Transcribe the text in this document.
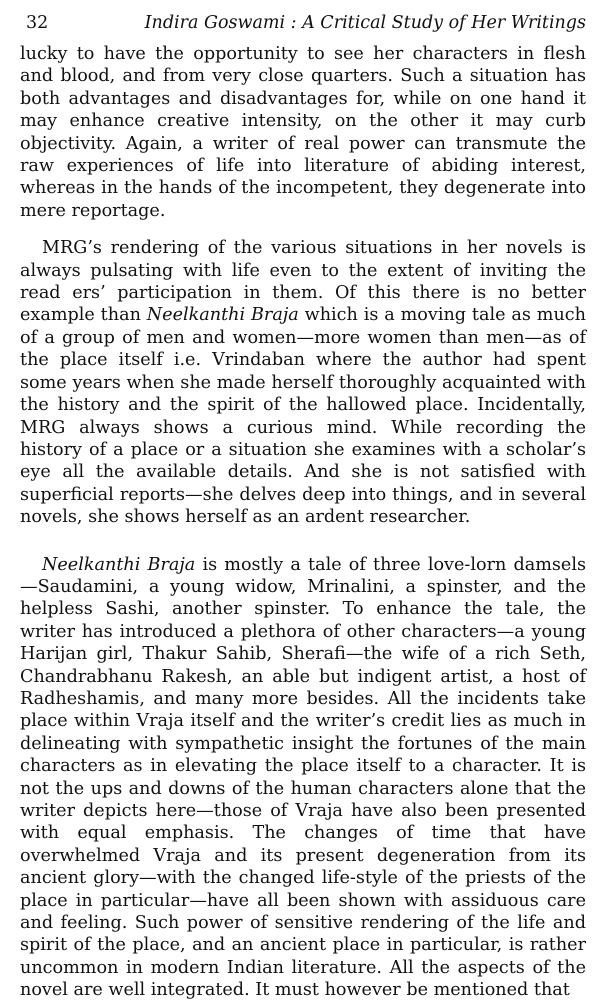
32	Indira Goswami : A Critical Study of Her Writings

lucky to have the opportunity to see her characters in flesh and blood, and from very close quarters. Such a situation has both advantages and disadvantages for, while on one hand it may enhance creative intensity, on the other it may curb objectivity. Again, a writer of real power can transmute the raw experiences of life into literature of abiding interest, whereas in the hands of the incompetent, they degenerate into mere reportage.

MRG’s rendering of the various situations in her novels is always pulsating with life even to the extent of inviting the read ers’ participation in them. Of this there is no better example than Neelkanthi Braja which is a moving tale as much of a group of men and women—more women than men—as of the place itself i.e. Vrindaban where the author had spent some years when she made herself thoroughly acquainted with the history and the spirit of the hallowed place. Incidentally, MRG always shows a curious mind. While recording the history of a place or a situation she examines with a scholar’s eye all the available details. And she is not satisfied with superficial reports—she delves deep into things, and in several novels, she shows herself as an ardent researcher.

Neelkanthi Braja is mostly a tale of three love-lorn damsels—Saudamini, a young widow, Mrinalini, a spinster, and the helpless Sashi, another spinster. To enhance the tale, the writer has introduced a plethora of other characters—a young Harijan girl, Thakur Sahib, Sherafi—the wife of a rich Seth, Chandrabhanu Rakesh, an able but indigent artist, a host of Radheshamis, and many more besides. All the incidents take place within Vraja itself and the writer’s credit lies as much in delineating with sympathetic insight the fortunes of the main characters as in elevating the place itself to a character. It is not the ups and downs of the human characters alone that the writer depicts here—those of Vraja have also been presented with equal emphasis. The changes of time that have overwhelmed Vraja and its present degeneration from its ancient glory—with the changed life-style of the priests of the place in particular—have all been shown with assiduous care and feeling. Such power of sensitive rendering of the life and spirit of the place, and an ancient place in particular, is rather uncommon in modern Indian literature. All the aspects of the novel are well integrated. It must however be mentioned that
